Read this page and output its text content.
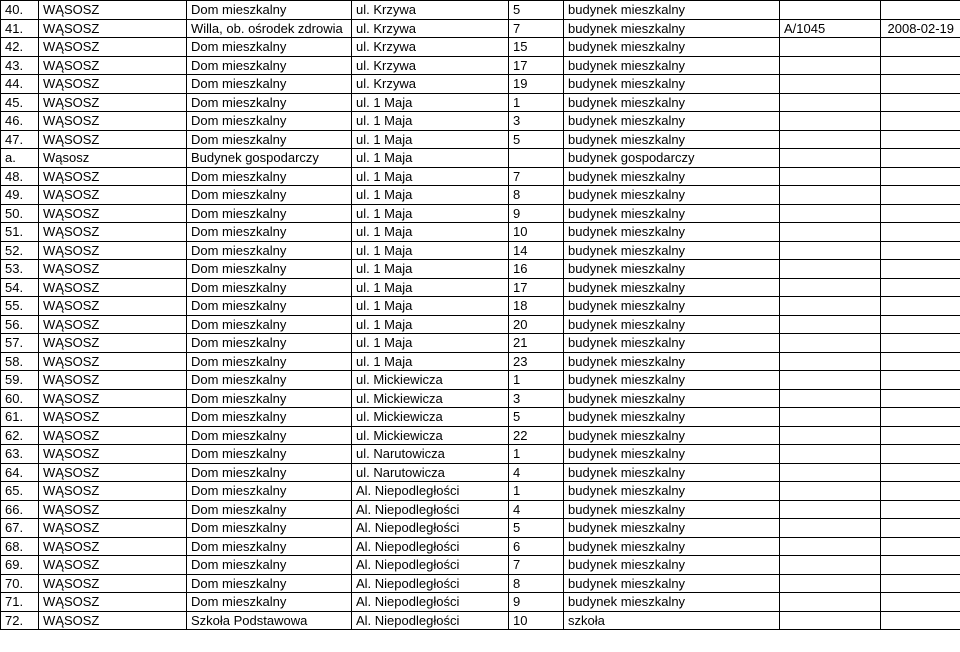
40.	WĄSOSZ	Dom mieszkalny	ul. Krzywa	5	budynek mieszkalny		
41.	WĄSOSZ	Willa, ob. ośrodek zdrowia	ul. Krzywa	7	budynek mieszkalny	A/1045	2008-02-19
42.	WĄSOSZ	Dom mieszkalny	ul. Krzywa	15	budynek mieszkalny		
43.	WĄSOSZ	Dom mieszkalny	ul. Krzywa	17	budynek mieszkalny		
44.	WĄSOSZ	Dom mieszkalny	ul. Krzywa	19	budynek mieszkalny		
45.	WĄSOSZ	Dom mieszkalny	ul. 1 Maja	1	budynek mieszkalny		
46.	WĄSOSZ	Dom mieszkalny	ul. 1 Maja	3	budynek mieszkalny		
47.	WĄSOSZ	Dom mieszkalny	ul. 1 Maja	5	budynek mieszkalny		
a.	Wąsosz	Budynek gospodarczy	ul. 1 Maja		budynek gospodarczy		
48.	WĄSOSZ	Dom mieszkalny	ul. 1 Maja	7	budynek mieszkalny		
49.	WĄSOSZ	Dom mieszkalny	ul. 1 Maja	8	budynek mieszkalny		
50.	WĄSOSZ	Dom mieszkalny	ul. 1 Maja	9	budynek mieszkalny		
51.	WĄSOSZ	Dom mieszkalny	ul. 1 Maja	10	budynek mieszkalny		
52.	WĄSOSZ	Dom mieszkalny	ul. 1 Maja	14	budynek mieszkalny		
53.	WĄSOSZ	Dom mieszkalny	ul. 1 Maja	16	budynek mieszkalny		
54.	WĄSOSZ	Dom mieszkalny	ul. 1 Maja	17	budynek mieszkalny		
55.	WĄSOSZ	Dom mieszkalny	ul. 1 Maja	18	budynek mieszkalny		
56.	WĄSOSZ	Dom mieszkalny	ul. 1 Maja	20	budynek mieszkalny		
57.	WĄSOSZ	Dom mieszkalny	ul. 1 Maja	21	budynek mieszkalny		
58.	WĄSOSZ	Dom mieszkalny	ul. 1 Maja	23	budynek mieszkalny		
59.	WĄSOSZ	Dom mieszkalny	ul. Mickiewicza	1	budynek mieszkalny		
60.	WĄSOSZ	Dom mieszkalny	ul. Mickiewicza	3	budynek mieszkalny		
61.	WĄSOSZ	Dom mieszkalny	ul. Mickiewicza	5	budynek mieszkalny		
62.	WĄSOSZ	Dom mieszkalny	ul. Mickiewicza	22	budynek mieszkalny		
63.	WĄSOSZ	Dom mieszkalny	ul. Narutowicza	1	budynek mieszkalny		
64.	WĄSOSZ	Dom mieszkalny	ul. Narutowicza	4	budynek mieszkalny		
65.	WĄSOSZ	Dom mieszkalny	Al. Niepodległości	1	budynek mieszkalny		
66.	WĄSOSZ	Dom mieszkalny	Al. Niepodległości	4	budynek mieszkalny		
67.	WĄSOSZ	Dom mieszkalny	Al. Niepodległości	5	budynek mieszkalny		
68.	WĄSOSZ	Dom mieszkalny	Al. Niepodległości	6	budynek mieszkalny		
69.	WĄSOSZ	Dom mieszkalny	Al. Niepodległości	7	budynek mieszkalny		
70.	WĄSOSZ	Dom mieszkalny	Al. Niepodległości	8	budynek mieszkalny		
71.	WĄSOSZ	Dom mieszkalny	Al. Niepodległości	9	budynek mieszkalny		
72.	WĄSOSZ	Szkoła Podstawowa	Al. Niepodległości	10	szkoła		
